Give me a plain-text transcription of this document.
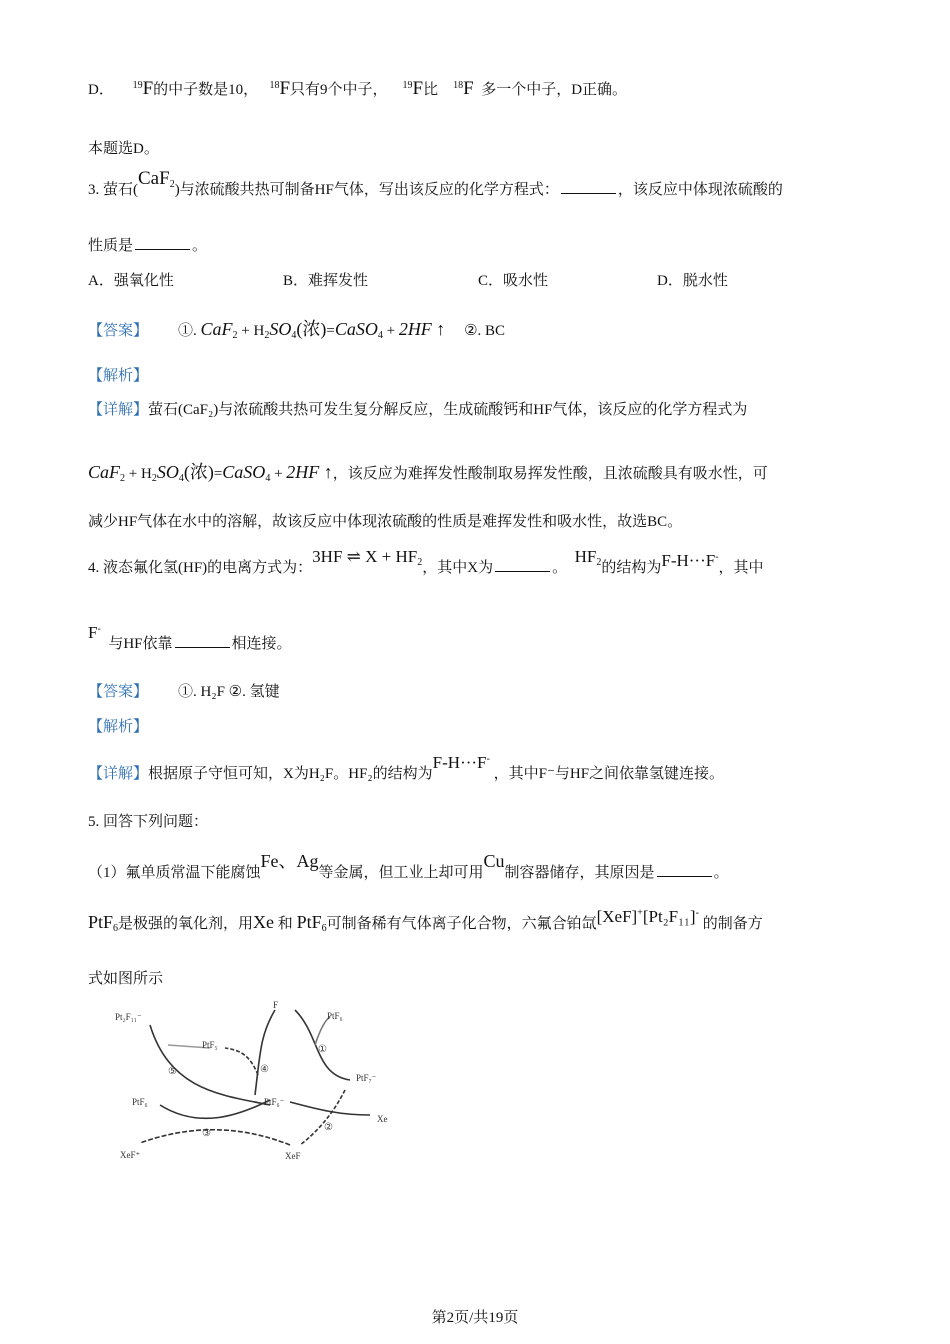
D． $^{19}$F的中子数是10， $^{18}$F只有9个中子， $^{19}$F比 $^{18}$F 多一个中子，D正确。
本题选D。
3. 萤石(CaF$_2$)与浓硫酸共热可制备HF气体，写出该反应的化学方程式：	，该反应中体现浓硫酸的
性质是	。
A．强氧化性	B．难挥发性	C．吸水性	D．脱水性
【答案】 ①. $CaF_2 + H_2SO_4$(浓)=CaSO$_4$ + 2HF ↑ ②. BC
【解析】
【详解】萤石(CaF₂)与浓硫酸共热可发生复分解反应，生成硫酸钙和HF气体，该反应的化学方程式为
$CaF_2 + H_2SO_4$(浓)=CaSO$_4$ + 2HF ↑，该反应为难挥发性酸制取易挥发性酸，且浓硫酸具有吸水性，可
减少HF气体在水中的溶解，故该反应中体现浓硫酸的性质是难挥发性和吸水性，故选BC。
4. 液态氟化氢(HF)的电离方式为：3HF ⇌ $X + HF_2$，其中X为	。  $HF_2$的结构为F-H···F-，其中
F-  与HF依靠	相连接。
【答案】 ①. H₂F ②. 氢键
【解析】
【详解】根据原子守恒可知，X为H₂F。HF₂的结构为F-H···F- ，其中F⁻与HF之间依靠氢键连接。
5. 回答下列问题：
（1）氟单质常温下能腐蚀Fe、Ag等金属，但工业上却可用Cu制容器储存，其原因是	。
PtF$_6$是极强的氧化剂，用Xe 和 PtF$_6$可制备稀有气体离子化合物，六氟合铂氙[XeF]+[Pt₂F₁₁]- 的制备方
式如图所示
Pt₂F₁₁⁻
F
PtF₆
PtF₅
PtF₇⁻
PtF₆⁻
PtF₆
Xe
XeF⁺	XeF
①
②
③
④
⑤
第2页/共19页
